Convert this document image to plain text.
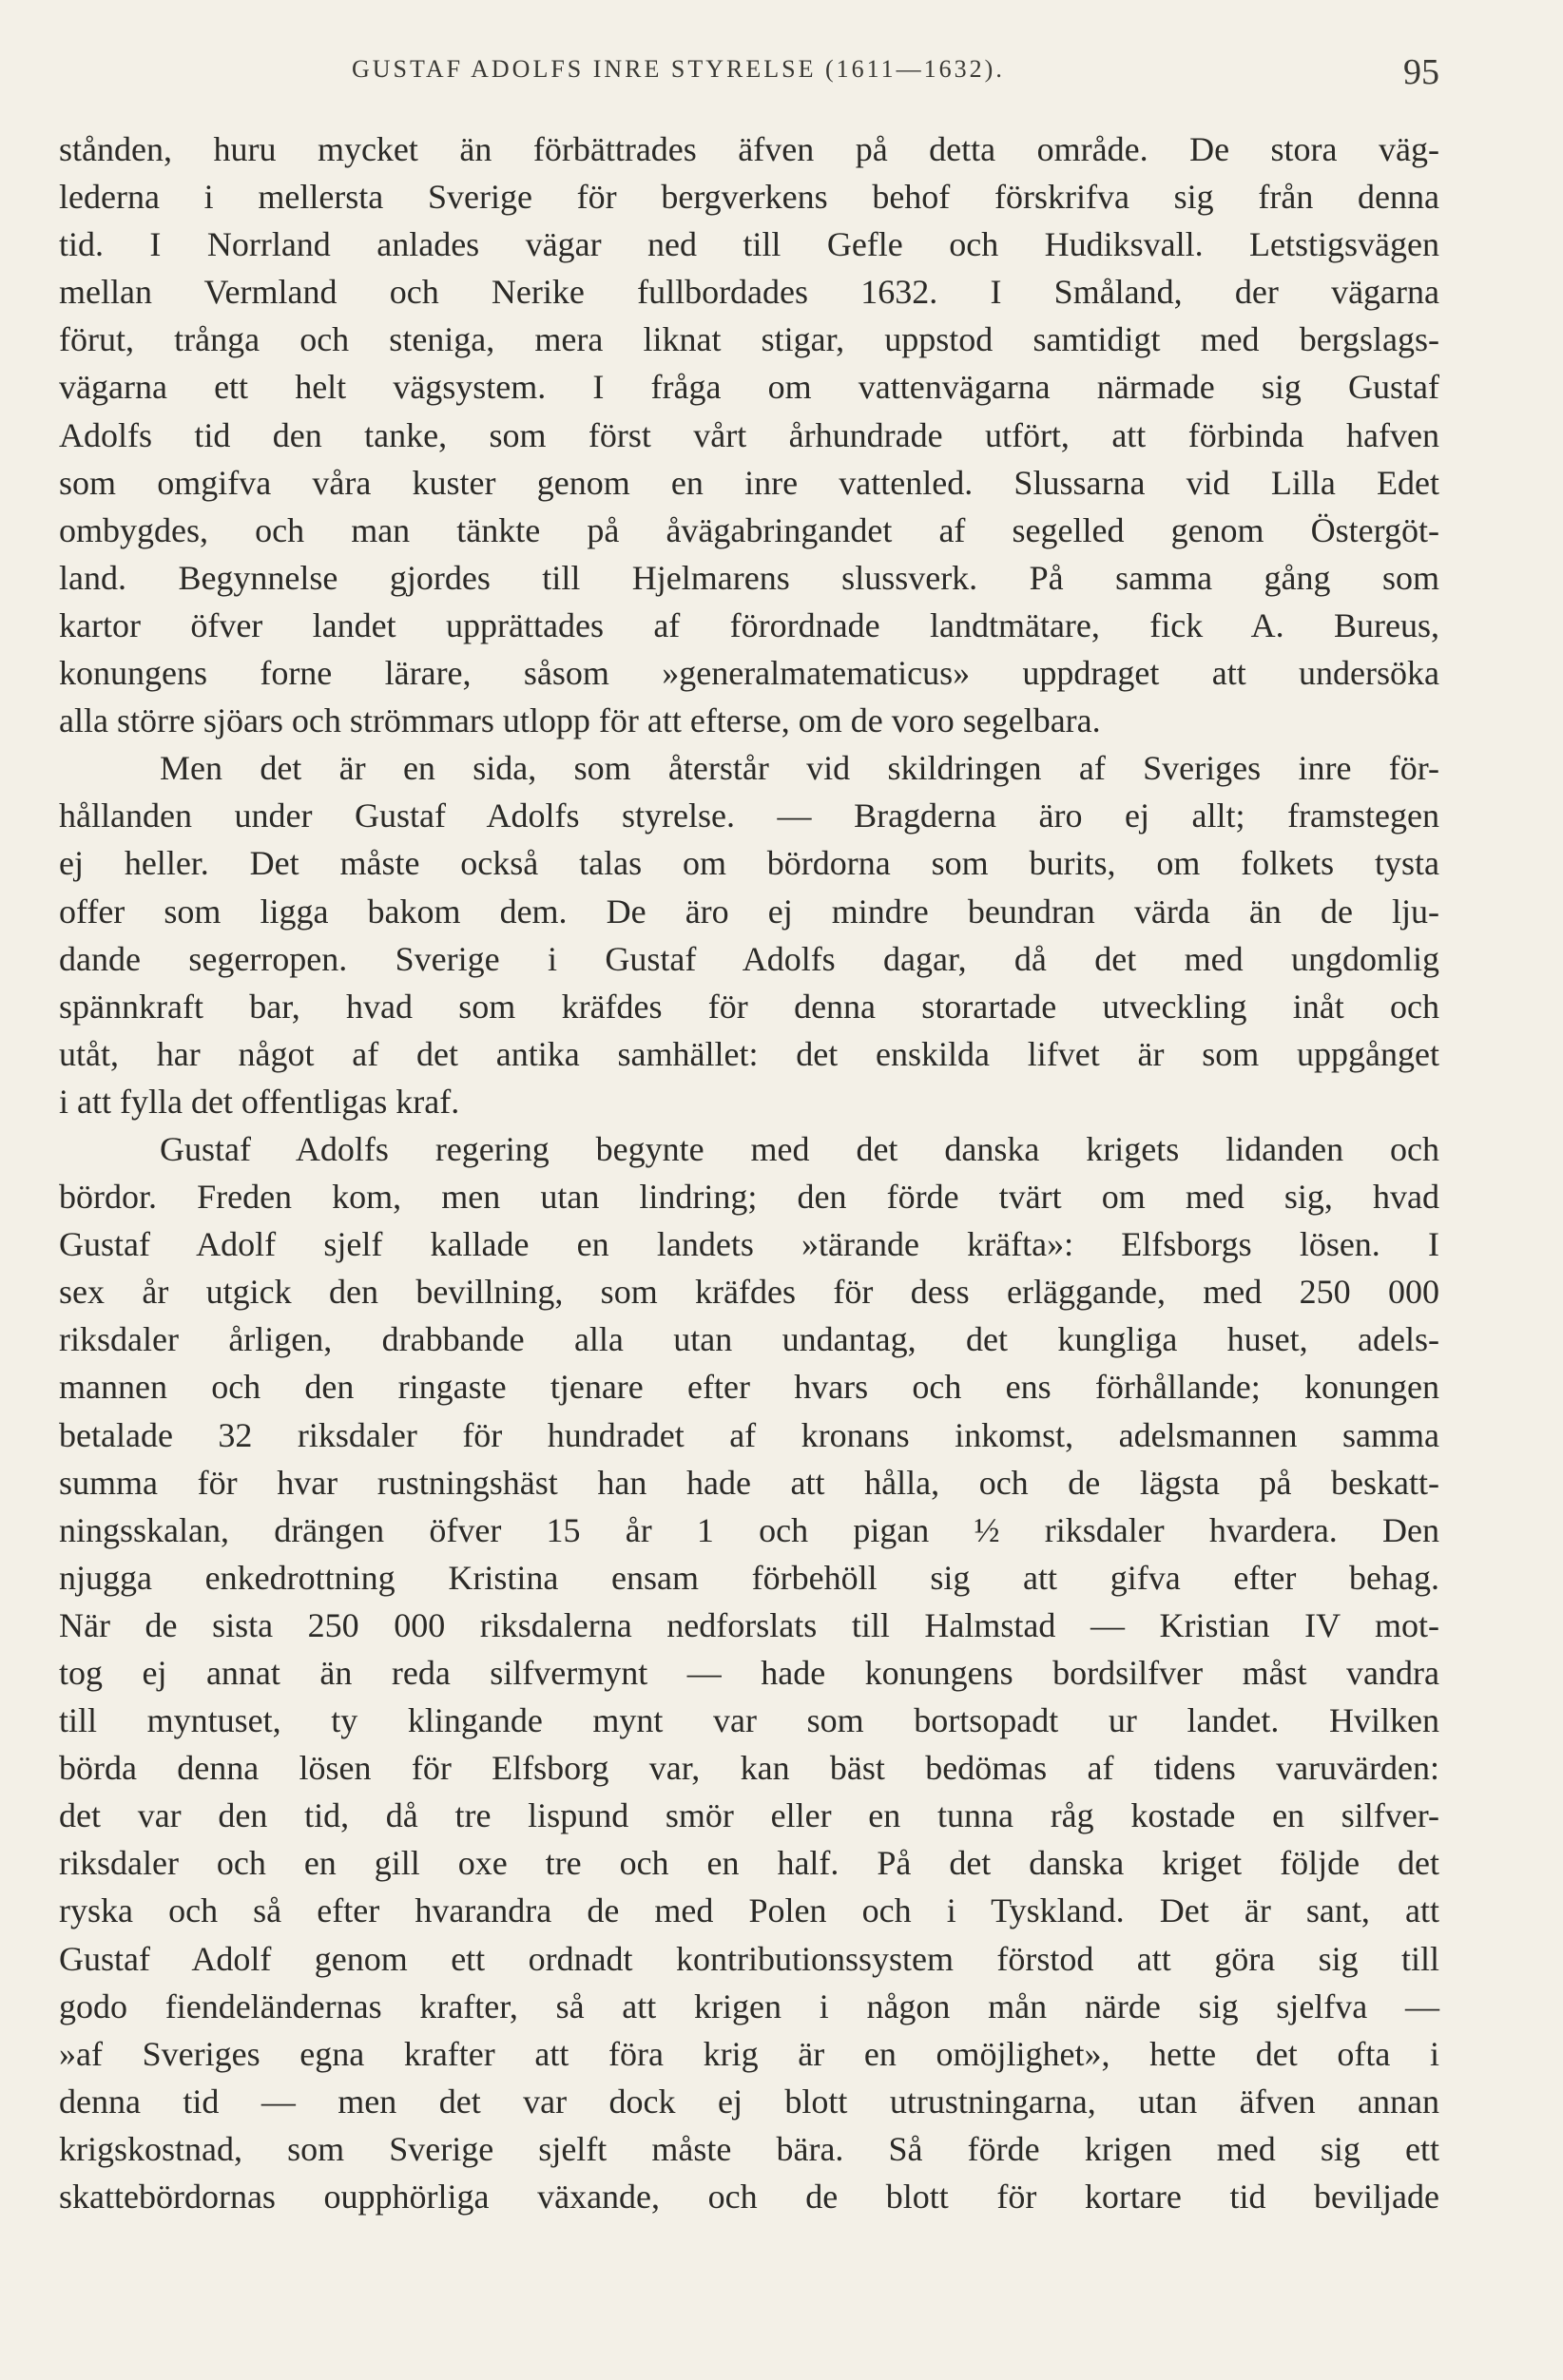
GUSTAF ADOLFS INRE STYRELSE (1611—1632).	95
stånden, huru mycket än förbättrades äfven på detta område. De stora väg-
lederna i mellersta Sverige för bergverkens behof förskrifva sig från denna
tid. I Norrland anlades vägar ned till Gefle och Hudiksvall. Letstigsvägen
mellan Vermland och Nerike fullbordades 1632. I Småland, der vägarna
förut, trånga och steniga, mera liknat stigar, uppstod samtidigt med bergslags-
vägarna ett helt vägsystem. I fråga om vattenvägarna närmade sig Gustaf
Adolfs tid den tanke, som först vårt århundrade utfört, att förbinda hafven
som omgifva våra kuster genom en inre vattenled. Slussarna vid Lilla Edet
ombygdes, och man tänkte på åvägabringandet af segelled genom Östergöt-
land. Begynnelse gjordes till Hjelmarens slussverk. På samma gång som
kartor öfver landet upprättades af förordnade landtmätare, fick A. Bureus,
konungens forne lärare, såsom »generalmatematicus» uppdraget att undersöka
alla större sjöars och strömmars utlopp för att efterse, om de voro segelbara.
Men det är en sida, som återstår vid skildringen af Sveriges inre för-
hållanden under Gustaf Adolfs styrelse. — Bragderna äro ej allt; framstegen
ej heller. Det måste också talas om bördorna som burits, om folkets tysta
offer som ligga bakom dem. De äro ej mindre beundran värda än de lju-
dande segerropen. Sverige i Gustaf Adolfs dagar, då det med ungdomlig
spännkraft bar, hvad som kräfdes för denna storartade utveckling inåt och
utåt, har något af det antika samhället: det enskilda lifvet är som uppgånget
i att fylla det offentligas kraf.
Gustaf Adolfs regering begynte med det danska krigets lidanden och
bördor. Freden kom, men utan lindring; den förde tvärt om med sig, hvad
Gustaf Adolf sjelf kallade en landets »tärande kräfta»: Elfsborgs lösen. I
sex år utgick den bevillning, som kräfdes för dess erläggande, med 250 000
riksdaler årligen, drabbande alla utan undantag, det kungliga huset, adels-
mannen och den ringaste tjenare efter hvars och ens förhållande; konungen
betalade 32 riksdaler för hundradet af kronans inkomst, adelsmannen samma
summa för hvar rustningshäst han hade att hålla, och de lägsta på beskatt-
ningsskalan, drängen öfver 15 år 1 och pigan ½ riksdaler hvardera. Den
njugga enkedrottning Kristina ensam förbehöll sig att gifva efter behag.
När de sista 250 000 riksdalerna nedforslats till Halmstad — Kristian IV mot-
tog ej annat än reda silfvermynt — hade konungens bordsilfver måst vandra
till myntuset, ty klingande mynt var som bortsopadt ur landet. Hvilken
börda denna lösen för Elfsborg var, kan bäst bedömas af tidens varuvärden:
det var den tid, då tre lispund smör eller en tunna råg kostade en silfver-
riksdaler och en gill oxe tre och en half. På det danska kriget följde det
ryska och så efter hvarandra de med Polen och i Tyskland. Det är sant, att
Gustaf Adolf genom ett ordnadt kontributionssystem förstod att göra sig till
godo fiendeländernas krafter, så att krigen i någon mån närde sig sjelfva —
»af Sveriges egna krafter att föra krig är en omöjlighet», hette det ofta i
denna tid — men det var dock ej blott utrustningarna, utan äfven annan
krigskostnad, som Sverige sjelft måste bära. Så förde krigen med sig ett
skattebördornas oupphörliga växande, och de blott för kortare tid beviljade
